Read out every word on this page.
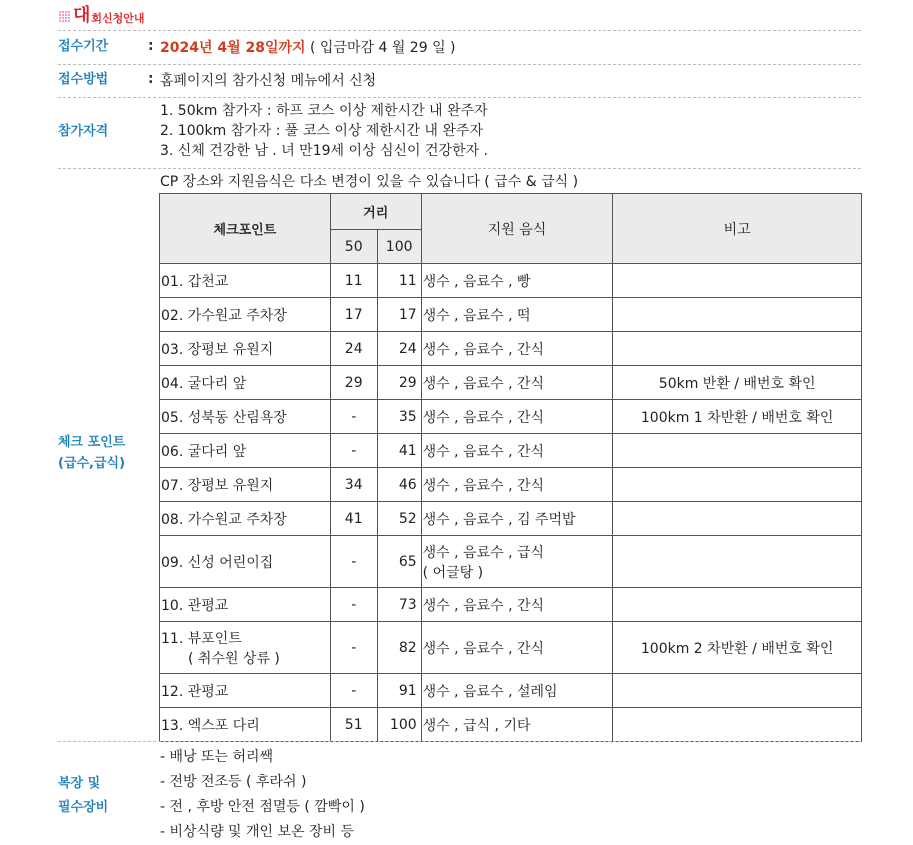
대 회신청안내
접수기간	: 2024년 4월 28일까지 ( 입금마감 4 월 29 일 )
접수방법	: 홈페이지의 참가신청 메뉴에서 신청
참가자격
1. 50km 참가자 : 하프 코스 이상 제한시간 내 완주자
2. 100km 참가자 : 풀 코스 이상 제한시간 내 완주자
3. 신체 건강한 남 . 녀 만19세 이상 심신이 건강한자 .
체크 포인트
(급수,급식)
CP 장소와 지원음식은 다소 변경이 있을 수 있습니다 ( 급수 & 급식 )
체크포인트	거리		지원 음식	비고
	50	100		

01. 갑천교	11	11	생수 , 음료수 , 빵	

02. 가수원교 주차장	17	17	생수 , 음료수 , 떡	

03. 장평보 유원지	24	24	생수 , 음료수 , 간식	

04. 굴다리 앞	29	29	생수 , 음료수 , 간식	50km 반환 / 배번호 확인

05. 성북동 산림욕장	-	35	생수 , 음료수 , 간식	100km 1 차반환 / 배번호 확인

06. 굴다리 앞	-	41	생수 , 음료수 , 간식	

07. 장평보 유원지	34	46	생수 , 음료수 , 간식	

08. 가수원교 주차장	41	52	생수 , 음료수 , 김 주먹밥	

09. 신성 어린이집	-	65	생수 , 음료수 , 급식
( 어글탕 )	

10. 관평교	-	73	생수 , 음료수 , 간식	

11. 뷰포인트
( 취수원 상류 )	-	82	생수 , 음료수 , 간식	100km 2 차반환 / 배번호 확인

12. 관평교	-	91	생수 , 음료수 , 설레임	

13. 엑스포 다리	51	100	생수 , 급식 , 기타	

복장 및
필수장비
- 배낭 또는 허리쌕
- 전방 전조등 ( 후라쉬 )
- 전 , 후방 안전 점멸등 ( 깜빡이 )
- 비상식량 및 개인 보온 장비 등
